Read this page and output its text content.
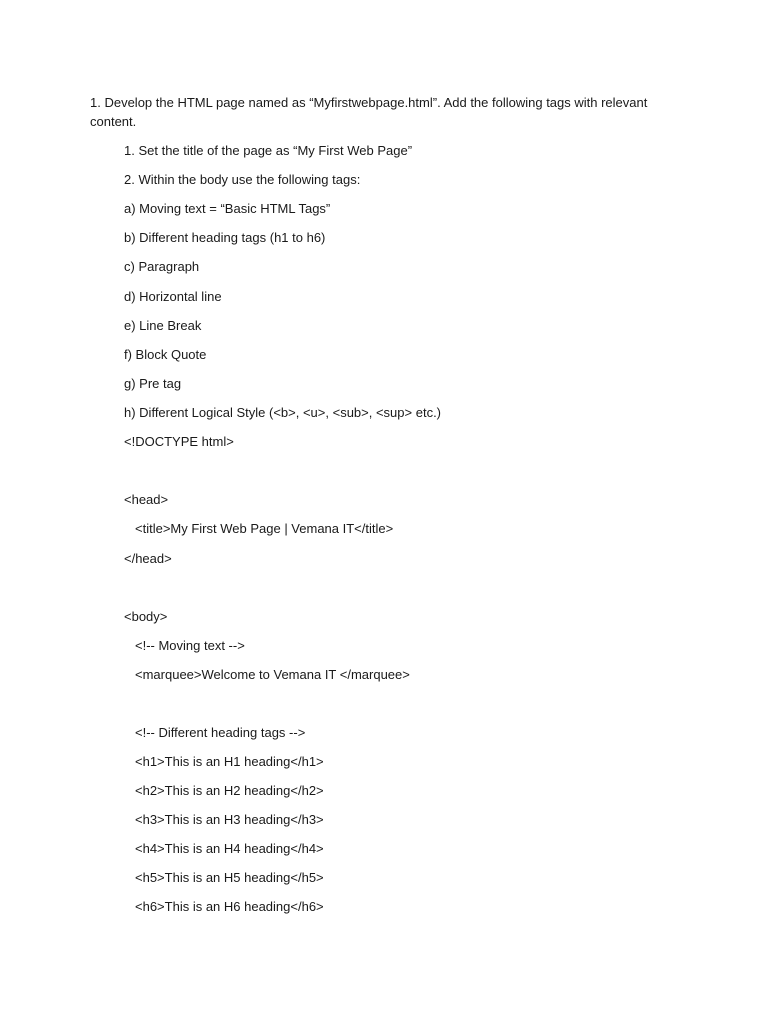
1. Develop the HTML page named as “Myfirstwebpage.html”. Add the following tags with relevant content.

1. Set the title of the page as “My First Web Page”

2. Within the body use the following tags:

a) Moving text = “Basic HTML Tags”

b) Different heading tags (h1 to h6)

c) Paragraph

d) Horizontal line

e) Line Break

f) Block Quote

g) Pre tag

h) Different Logical Style (<b>, <u>, <sub>, <sup> etc.)

<!DOCTYPE html>

<head>

<title>My First Web Page | Vemana IT</title>

</head>

<body>

<!-- Moving text -->

<marquee>Welcome to Vemana IT </marquee>

<!-- Different heading tags -->

<h1>This is an H1 heading</h1>

<h2>This is an H2 heading</h2>

<h3>This is an H3 heading</h3>

<h4>This is an H4 heading</h4>

<h5>This is an H5 heading</h5>

<h6>This is an H6 heading</h6>
